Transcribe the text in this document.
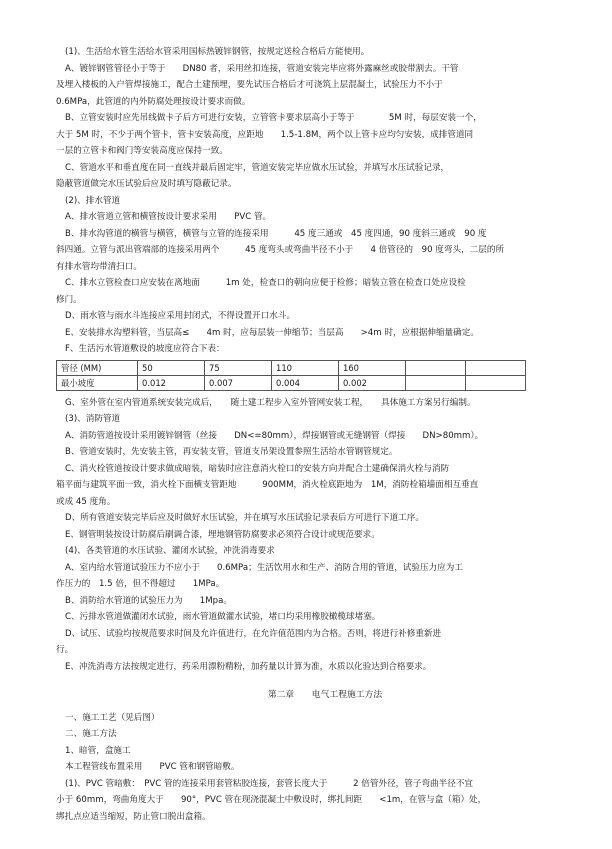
(1)、生活给水管生活给水管采用国标热镀锌钢管，按规定送检合格后方能使用。

A、镀锌钢管管径小于等于　　DN80 者，采用丝扣连接，管道安装完毕应将外露麻丝或胶带割去。干管

及埋入楼板的入户管焊接施工，配合土建预埋，要先试压合格后才可浇筑上层混凝土，试验压力不小于

0.6MPa，此管道的内外防腐处理按设计要求而做。

B、立管安装时应先吊线做卡子后方可进行安装，立管管卡要求层高小于等于　　　　5M 时，每层安装一个，

大于 5M 时，不少于两个管卡，管卡安装高度，应距地　　1.5-1.8M，两个以上管卡应均匀安装，成排管道同

一层的立管卡和阀门等安装高度应保持一致。

C、管道水平和垂直度在同一直线并最后固定牢，管道安装完毕应做水压试验，并填写水压试验记录，

隐蔽管道做完水压试验后应及时填写隐蔽记录。

(2)、排水管道

A、排水管道立管和横管按设计要求采用　　PVC 管。

B、排水沟管道的横管与横管，横管与立管的连接采用　　　45 度三通或　45 度四通，90 度斜三通或　90 度

斜四通。立管与派出管端部的连接采用两个　　　45 度弯头或弯曲半径不小于　　4 倍管径的　90 度弯头，二层的所

有排水管均带清扫口。

C、排水立管检查口应安装在离地面　　　1m 处，检查口的朝向应便于检修；暗装立管在检查口处应设检

修门。

D、雨水管与雨水斗连接应采用封闭式，不得设置开口水斗。

E、安装排水沟塑料管，当层高≤　　4m 时，应每层装一伸缩节；当层高　　>4m 时，应根据伸缩量确定。

F、生活污水管道敷设的坡度应符合下表：

管径 (MM)	50	75	110	160		
最小坡度	0.012	0.007	0.004	0.002		

G、室外管在室内管道系统安装完成后，　　随土建工程步入室外管网安装工程，　　具体施工方案另行编制。

(3)、消防管道

A、消防管道按设计采用镀锌钢管（丝接　　DN<=80mm），焊接钢管或无缝钢管（焊接　　DN>80mm）。

B、管道安装时，先安装主管，再安装支管，管道支吊架设置参照生活给水管钢管规定。

C、消火栓管道按设计要求做成暗装，暗装时应注意消火栓口的安装方向并配合土建确保消火栓与消防

箱平面与建筑平面一致，消火栓下面横支管距地　　　900MM，消火栓底距地为　1M，消防栓箱墙面相互垂直

或成 45 度角。

D、所有管道安装完毕后应及时做好水压试验，并在填写水压试验记录表后方可进行下道工序。

E、钢管明装按设计防腐后刷调合漆，埋地钢管防腐要求必须符合设计或规范要求。

(4)、各类管道的水压试验、灌闭水试验，冲洗消毒要求

A、室内给水管道试验压力不应小于　　0.6MPa；生活饮用水和生产、消防合用的管道，试验压力应为工

作压力的　1.5 倍，但不得超过　　1MPa。

B、消防给水管道的试验压力为　　1Mpa。

C、污排水管道做灌闭水试验，雨水管道做灌水试验，堵口均采用橡胶橄榄球堵塞。

D、试压、试验均按规范要求时间及允许值进行，在允许值范围内为合格。否则，将进行补修重新进

行。

E、冲洗消毒方法按规定进行，药采用漂粉精粉，加药量以计算为准，水质以化验达到合格要求。

第二章　　电气工程施工方法

一、施工工艺（见后图）

二、施工方法

1、暗管，盒施工

本工程管线布置采用　　PVC 管和钢管暗敷。

(1)、PVC 管暗敷：　PVC 管的连接采用套管粘胶连接，套管长度大于　　　2 倍管外径，管子弯曲半径不宜

小于 60mm，弯曲角度大于　　90°，PVC 管在现浇混凝土中敷设时，绑扎间距　　<1m，在管与盒（箱）处，

绑扎点应适当缩短，防止管口脱出盒箱。
